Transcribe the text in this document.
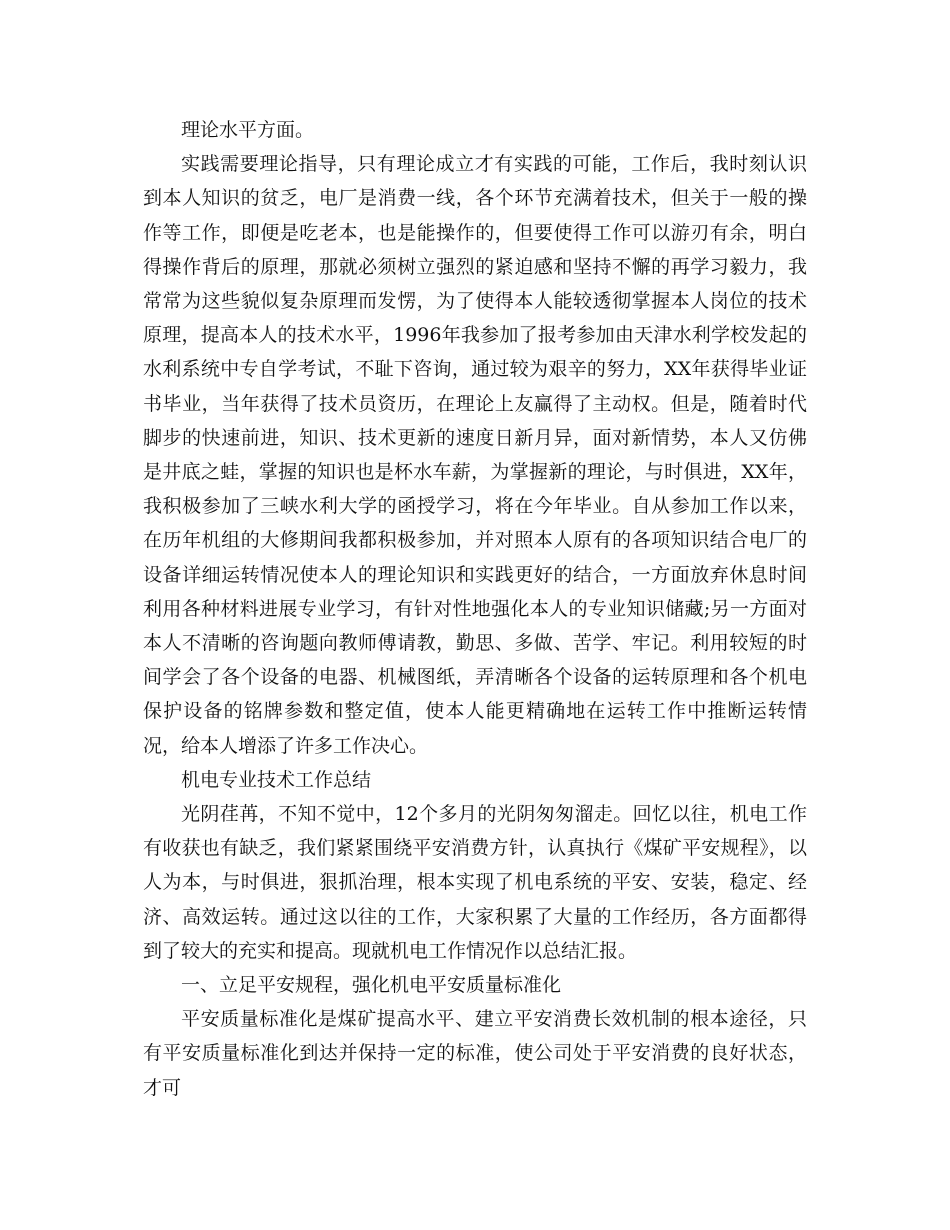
理论水平方面。

实践需要理论指导，只有理论成立才有实践的可能，工作后，我时刻认识到本人知识的贫乏，电厂是消费一线，各个环节充满着技术，但关于一般的操作等工作，即便是吃老本，也是能操作的，但要使得工作可以游刃有余，明白得操作背后的原理，那就必须树立强烈的紧迫感和坚持不懈的再学习毅力，我常常为这些貌似复杂原理而发愣，为了使得本人能较透彻掌握本人岗位的技术原理，提高本人的技术水平，1996年我参加了报考参加由天津水利学校发起的水利系统中专自学考试，不耻下咨询，通过较为艰辛的努力，XX年获得毕业证书毕业，当年获得了技术员资历，在理论上友赢得了主动权。但是，随着时代脚步的快速前进，知识、技术更新的速度日新月异，面对新情势，本人又仿佛是井底之蛙，掌握的知识也是杯水车薪，为掌握新的理论，与时俱进，XX年，我积极参加了三峡水利大学的函授学习，将在今年毕业。自从参加工作以来，在历年机组的大修期间我都积极参加，并对照本人原有的各项知识结合电厂的设备详细运转情况使本人的理论知识和实践更好的结合，一方面放弃休息时间利用各种材料进展专业学习，有针对性地强化本人的专业知识储藏;另一方面对本人不清晰的咨询题向教师傅请教，勤思、多做、苦学、牢记。利用较短的时间学会了各个设备的电器、机械图纸，弄清晰各个设备的运转原理和各个机电保护设备的铭牌参数和整定值，使本人能更精确地在运转工作中推断运转情况，给本人增添了许多工作决心。

机电专业技术工作总结

光阴荏苒，不知不觉中，12个多月的光阴匆匆溜走。回忆以往，机电工作有收获也有缺乏，我们紧紧围绕平安消费方针，认真执行《煤矿平安规程》，以人为本，与时俱进，狠抓治理，根本实现了机电系统的平安、安装，稳定、经济、高效运转。通过这以往的工作，大家积累了大量的工作经历，各方面都得到了较大的充实和提高。现就机电工作情况作以总结汇报。

一、立足平安规程，强化机电平安质量标准化

平安质量标准化是煤矿提高水平、建立平安消费长效机制的根本途径，只有平安质量标准化到达并保持一定的标准，使公司处于平安消费的良好状态，才可
